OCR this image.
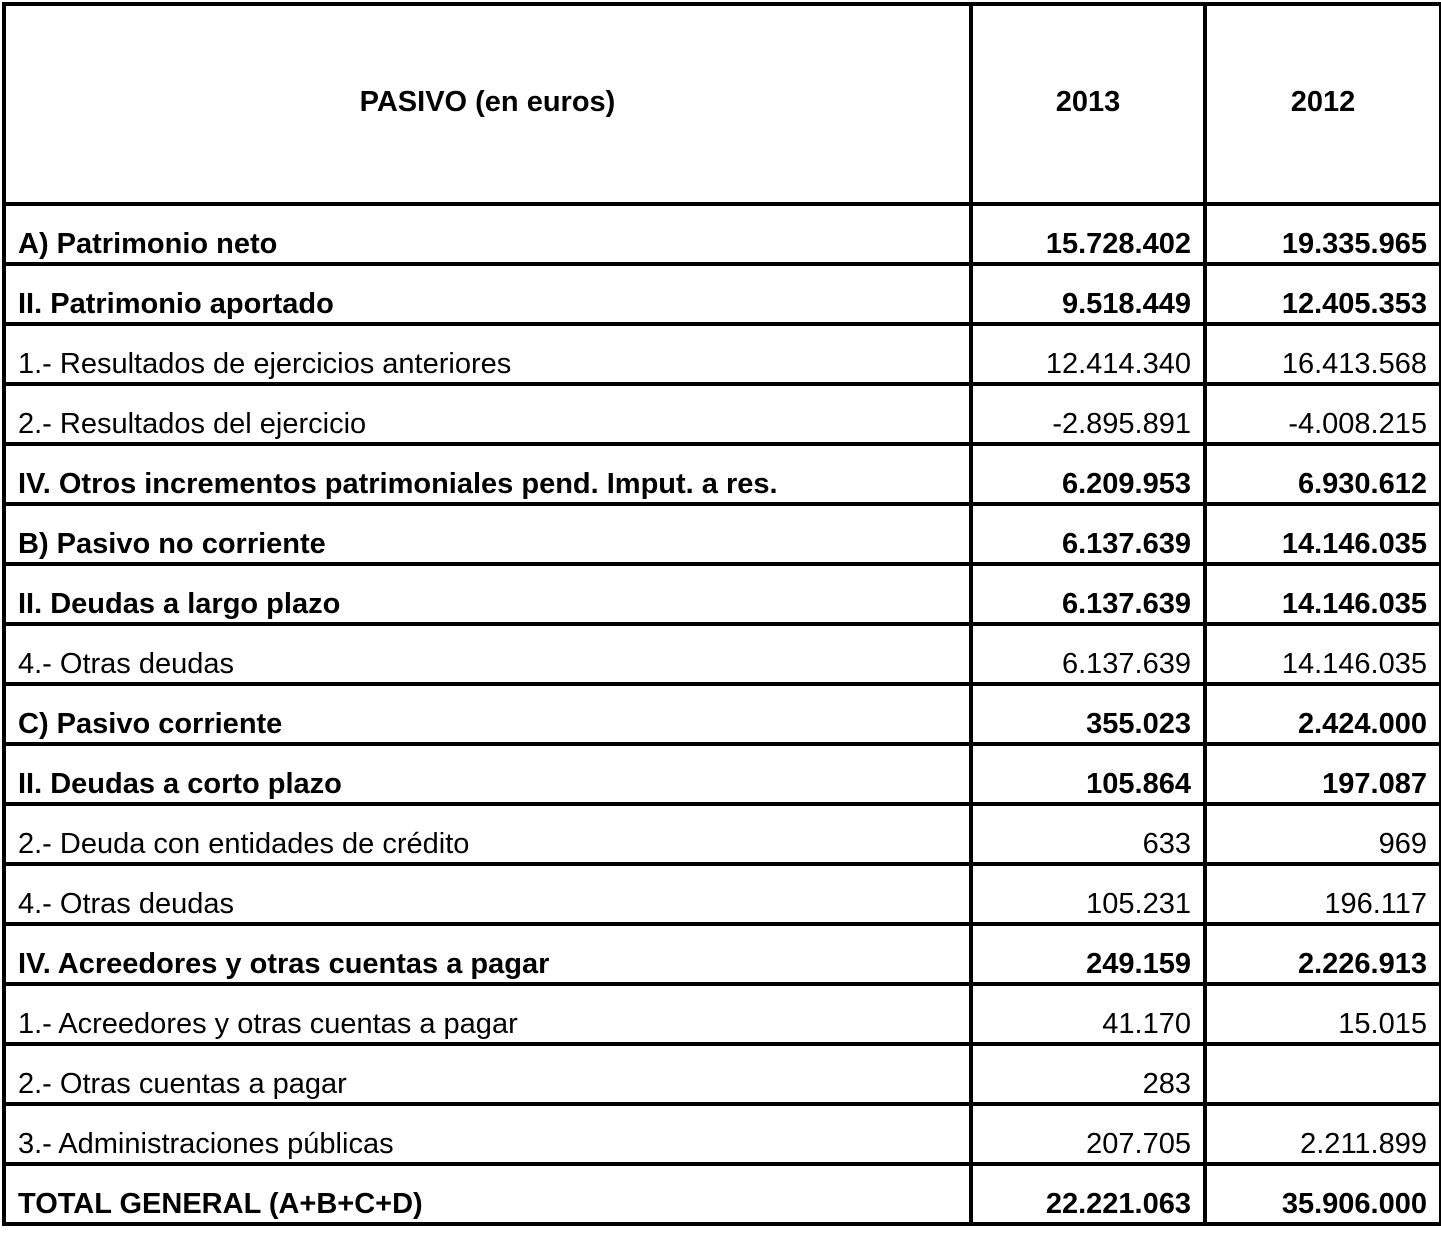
PASIVO (en euros)	2013	2012
A) Patrimonio neto	15.728.402	19.335.965
II. Patrimonio aportado	9.518.449	12.405.353
1.- Resultados de ejercicios anteriores	12.414.340	16.413.568
2.- Resultados del ejercicio	-2.895.891	-4.008.215
IV. Otros incrementos patrimoniales pend. Imput. a res.	6.209.953	6.930.612
B) Pasivo no corriente	6.137.639	14.146.035
II. Deudas a largo plazo	6.137.639	14.146.035
4.- Otras deudas	6.137.639	14.146.035
C) Pasivo corriente	355.023	2.424.000
II. Deudas a corto plazo	105.864	197.087
2.- Deuda con entidades de crédito	633	969
4.- Otras deudas	105.231	196.117
IV. Acreedores y otras cuentas a pagar	249.159	2.226.913
1.- Acreedores y otras cuentas a pagar	41.170	15.015
2.- Otras cuentas a pagar	283	
3.- Administraciones públicas	207.705	2.211.899
TOTAL GENERAL (A+B+C+D)	22.221.063	35.906.000
